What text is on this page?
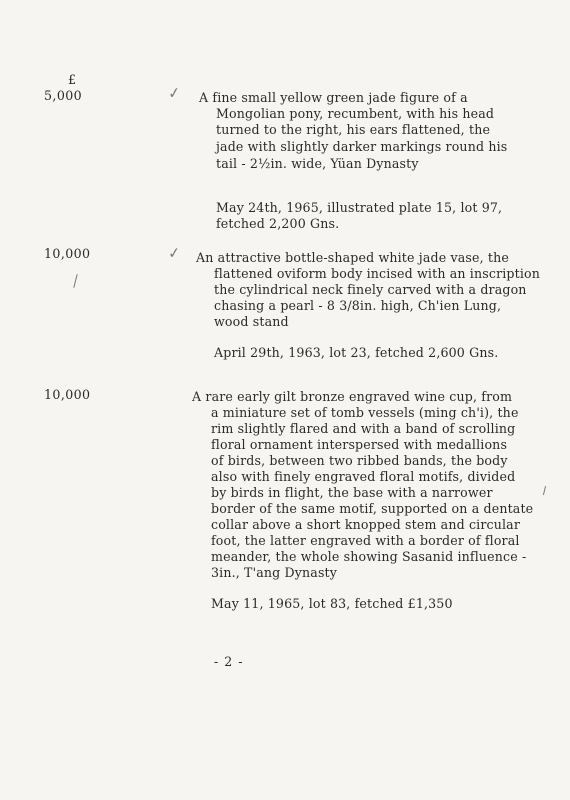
£
5,000	✓ A fine small yellow green jade figure of a
Mongolian pony, recumbent, with his head
turned to the right, his ears flattened, the
jade with slightly darker markings round his
tail - 2½in. wide, Yüan Dynasty
May 24th, 1965, illustrated plate 15, lot 97,
fetched 2,200 Gns.
10,000	✓ An attractive bottle-shaped white jade vase, the
flattened oviform body incised with an inscription
the cylindrical neck finely carved with a dragon
chasing a pearl - 8 3/8in. high, Ch'ien Lung,
wood stand
April 29th, 1963, lot 23, fetched 2,600 Gns.
10,000	A rare early gilt bronze engraved wine cup, from
a miniature set of tomb vessels (ming ch'i), the
rim slightly flared and with a band of scrolling
floral ornament interspersed with medallions
of birds, between two ribbed bands, the body
also with finely engraved floral motifs, divided
by birds in flight, the base with a narrower
border of the same motif, supported on a dentate
collar above a short knopped stem and circular
foot, the latter engraved with a border of floral
meander, the whole showing Sasanid influence -
3in., T'ang Dynasty
May 11, 1965, lot 83, fetched £1,350
- 2 -
